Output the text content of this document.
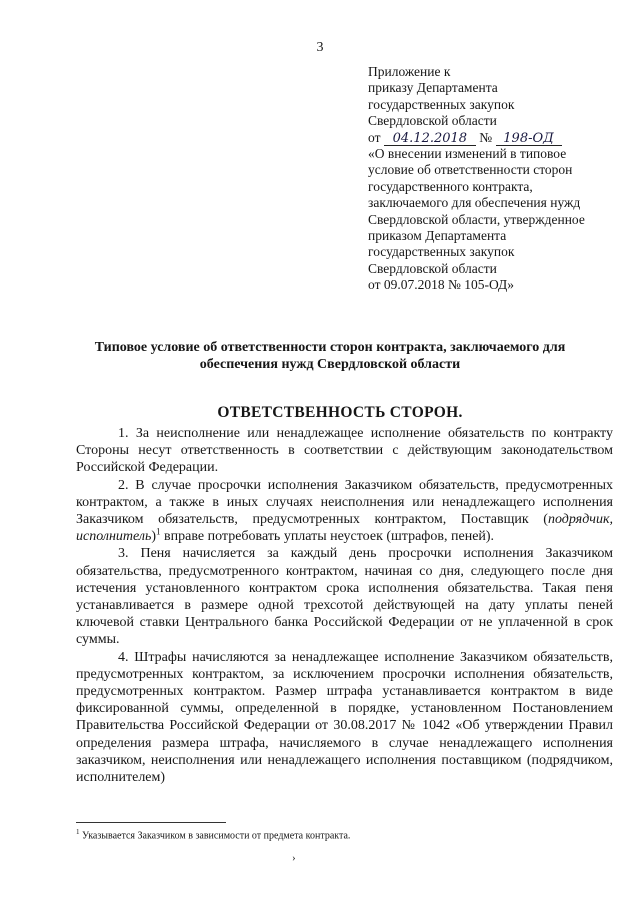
3
Приложение к
приказу Департамента
государственных закупок
Свердловской области
от 04.12.2018 № 198-ОД
«О внесении изменений в типовое
условие об ответственности сторон
государственного контракта,
заключаемого для обеспечения нужд
Свердловской области, утвержденное
приказом Департамента
государственных закупок
Свердловской области
от 09.07.2018 № 105-ОД»
Типовое условие об ответственности сторон контракта, заключаемого для обеспечения нужд Свердловской области
ОТВЕТСТВЕННОСТЬ СТОРОН.

1. За неисполнение или ненадлежащее исполнение обязательств по контракту Стороны несут ответственность в соответствии с действующим законодательством Российской Федерации.

2. В случае просрочки исполнения Заказчиком обязательств, предусмотренных контрактом, а также в иных случаях неисполнения или ненадлежащего исполнения Заказчиком обязательств, предусмотренных контрактом, Поставщик (подрядчик, исполнитель)$^1$ вправе потребовать уплаты неустоек (штрафов, пеней).

3. Пеня начисляется за каждый день просрочки исполнения Заказчиком обязательства, предусмотренного контрактом, начиная со дня, следующего после дня истечения установленного контрактом срока исполнения обязательства. Такая пеня устанавливается в размере одной трехсотой действующей на дату уплаты пеней ключевой ставки Центрального банка Российской Федерации от не уплаченной в срок суммы.

4. Штрафы начисляются за ненадлежащее исполнение Заказчиком обязательств, предусмотренных контрактом, за исключением просрочки исполнения обязательств, предусмотренных контрактом. Размер штрафа устанавливается контрактом в виде фиксированной суммы, определенной в порядке, установленном Постановлением Правительства Российской Федерации от 30.08.2017 № 1042 «Об утверждении Правил определения размера штрафа, начисляемого в случае ненадлежащего исполнения заказчиком, неисполнения или ненадлежащего исполнения поставщиком (подрядчиком, исполнителем)

$^1$ Указывается Заказчиком в зависимости от предмета контракта.
›
